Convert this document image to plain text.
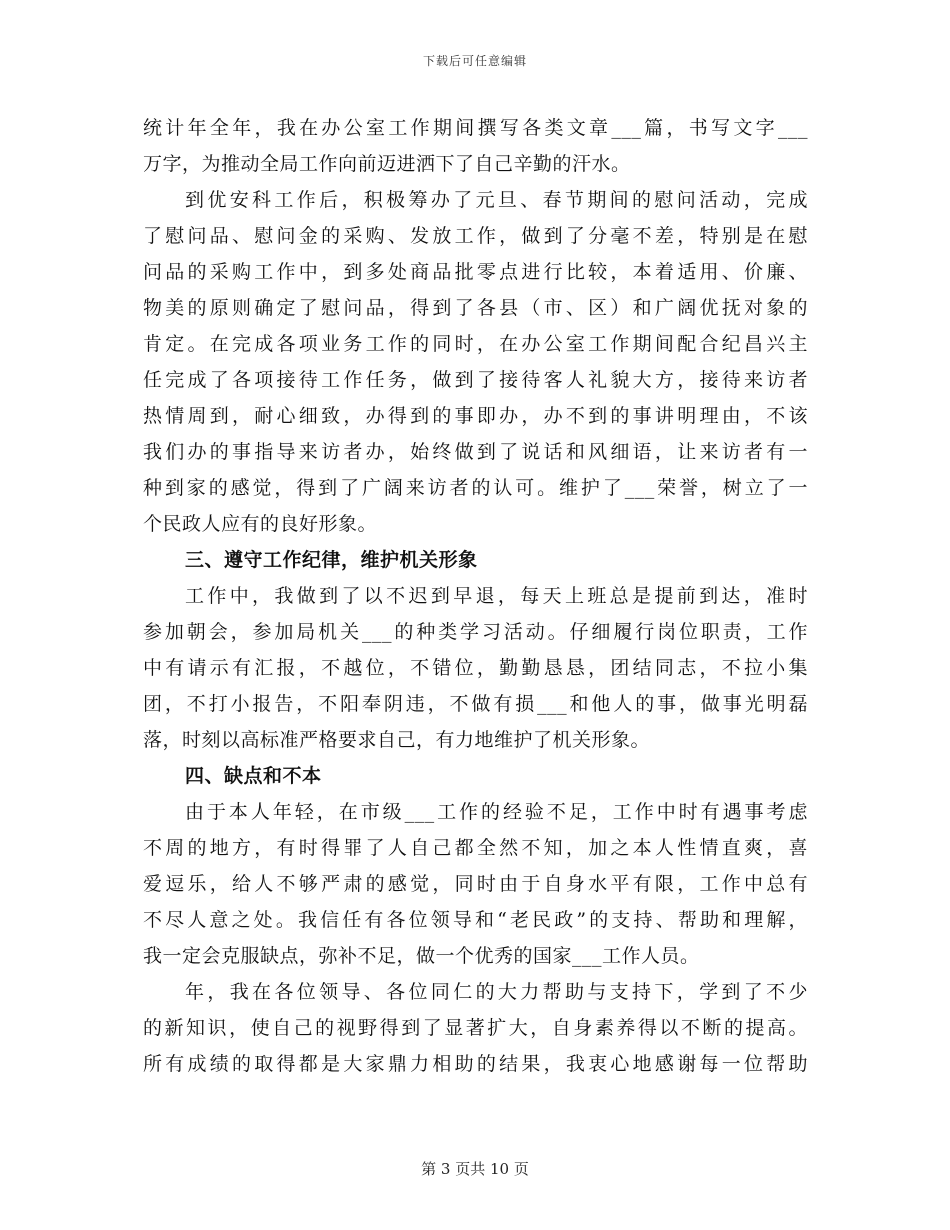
下载后可任意编辑
统计年全年，我在办公室工作期间撰写各类文章___篇，书写文字___
万字，为推动全局工作向前迈进洒下了自己辛勤的汗水。
到优安科工作后，积极筹办了元旦、春节期间的慰问活动，完成
了慰问品、慰问金的采购、发放工作，做到了分毫不差，特别是在慰
问品的采购工作中，到多处商品批零点进行比较，本着适用、价廉、
物美的原则确定了慰问品，得到了各县（市、区）和广阔优抚对象的
肯定。在完成各项业务工作的同时，在办公室工作期间配合纪昌兴主
任完成了各项接待工作任务，做到了接待客人礼貌大方，接待来访者
热情周到，耐心细致，办得到的事即办，办不到的事讲明理由，不该
我们办的事指导来访者办，始终做到了说话和风细语，让来访者有一
种到家的感觉，得到了广阔来访者的认可。维护了___荣誉，树立了一
个民政人应有的良好形象。
三、遵守工作纪律，维护机关形象
工作中，我做到了以不迟到早退，每天上班总是提前到达，准时
参加朝会，参加局机关___的种类学习活动。仔细履行岗位职责，工作
中有请示有汇报，不越位，不错位，勤勤恳恳，团结同志，不拉小集
团，不打小报告，不阳奉阴违，不做有损___和他人的事，做事光明磊
落，时刻以高标准严格要求自己，有力地维护了机关形象。
四、缺点和不本
由于本人年轻，在市级___工作的经验不足，工作中时有遇事考虑
不周的地方，有时得罪了人自己都全然不知，加之本人性情直爽，喜
爱逗乐，给人不够严肃的感觉，同时由于自身水平有限，工作中总有
不尽人意之处。我信任有各位领导和“老民政”的支持、帮助和理解，
我一定会克服缺点，弥补不足，做一个优秀的国家___工作人员。
年，我在各位领导、各位同仁的大力帮助与支持下，学到了不少
的新知识，使自己的视野得到了显著扩大，自身素养得以不断的提高。
所有成绩的取得都是大家鼎力相助的结果，我衷心地感谢每一位帮助
第 3 页共 10 页
